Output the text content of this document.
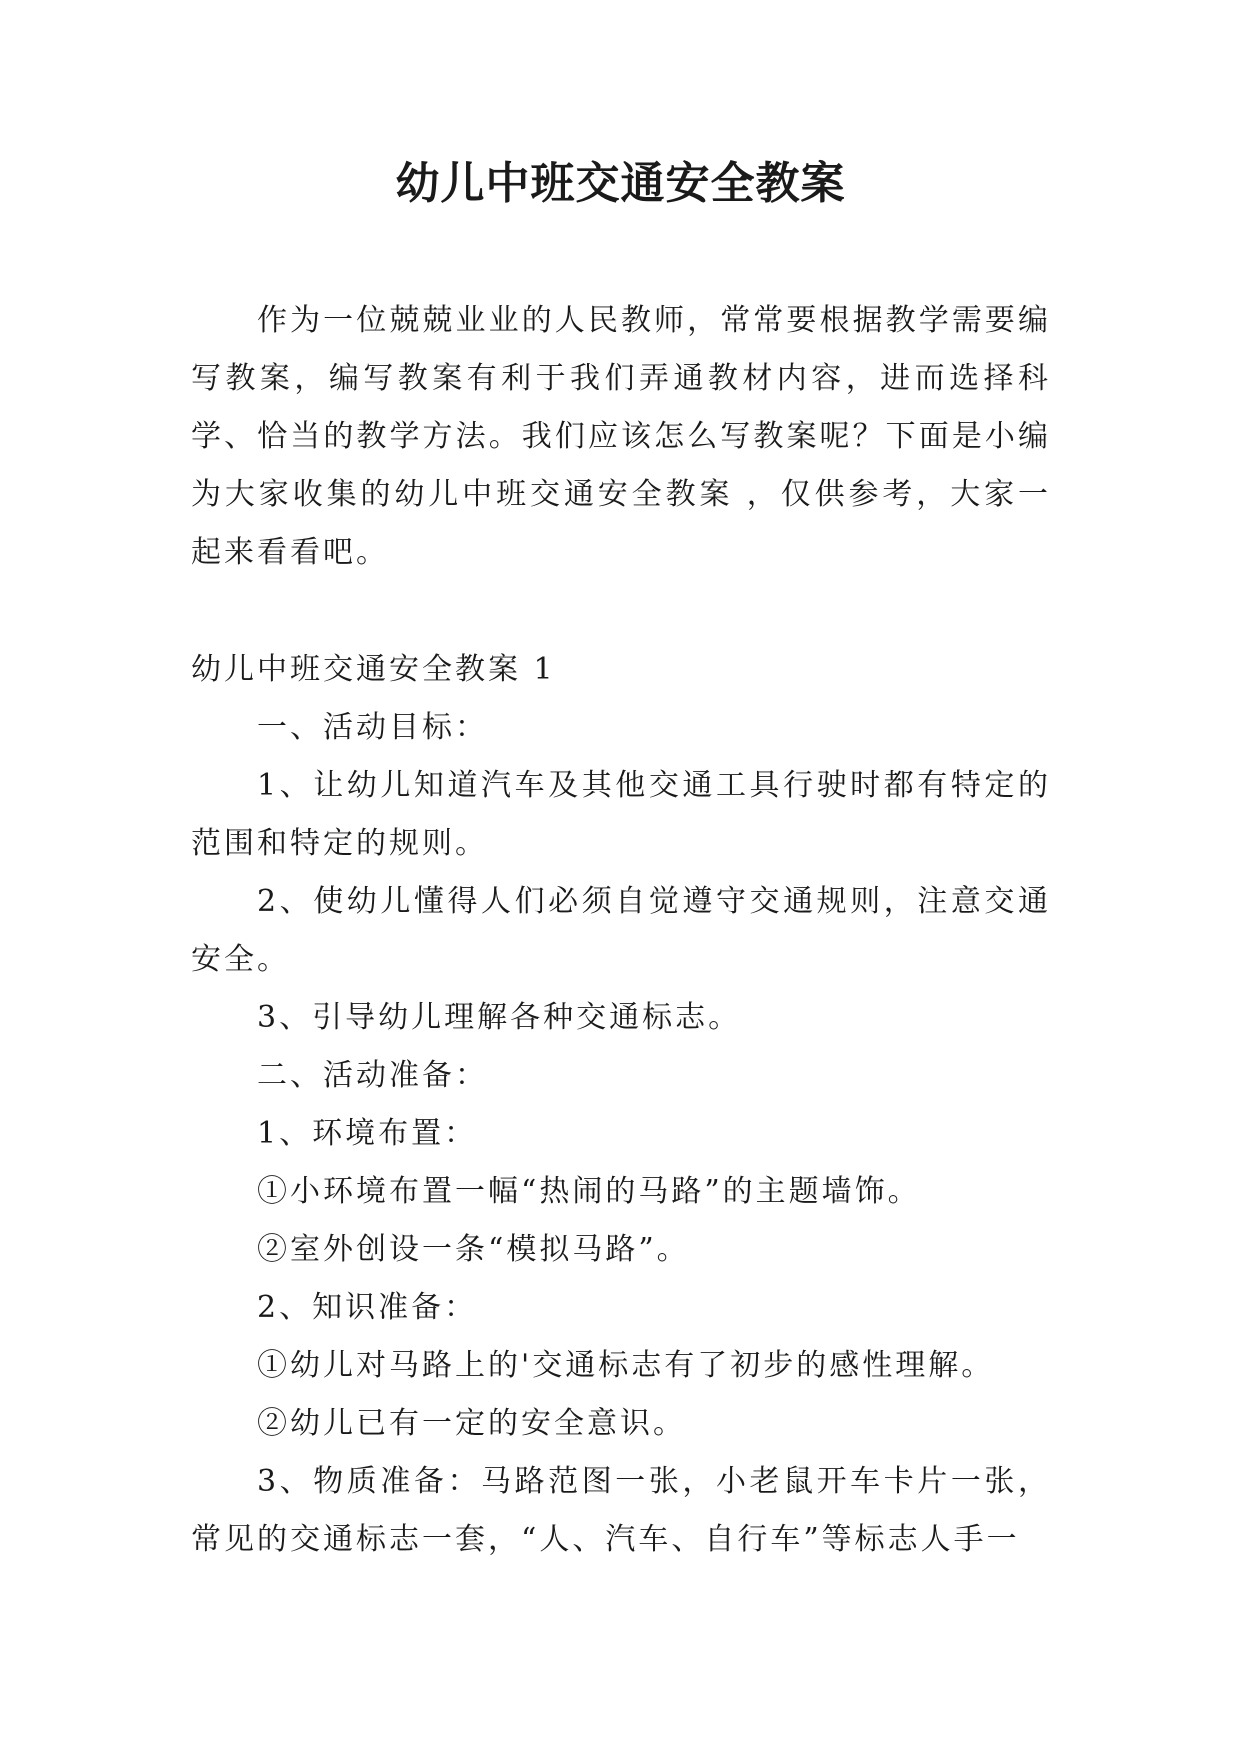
幼儿中班交通安全教案
作为一位兢兢业业的人民教师，常常要根据教学需要编写教案，编写教案有利于我们弄通教材内容，进而选择科学、恰当的教学方法。我们应该怎么写教案呢？下面是小编为大家收集的幼儿中班交通安全教案 ，仅供参考，大家一起来看看吧。

幼儿中班交通安全教案 1

一、活动目标：

1、让幼儿知道汽车及其他交通工具行驶时都有特定的范围和特定的规则。

2、使幼儿懂得人们必须自觉遵守交通规则，注意交通安全。

3、引导幼儿理解各种交通标志。

二、活动准备：

1、环境布置：

①小环境布置一幅“热闹的马路”的主题墙饰。

②室外创设一条“模拟马路”。

2、知识准备：

①幼儿对马路上的'交通标志有了初步的感性理解。

②幼儿已有一定的安全意识。

3、物质准备：马路范图一张，小老鼠开车卡片一张，常见的交通标志一套，“人、汽车、自行车”等标志人手一
